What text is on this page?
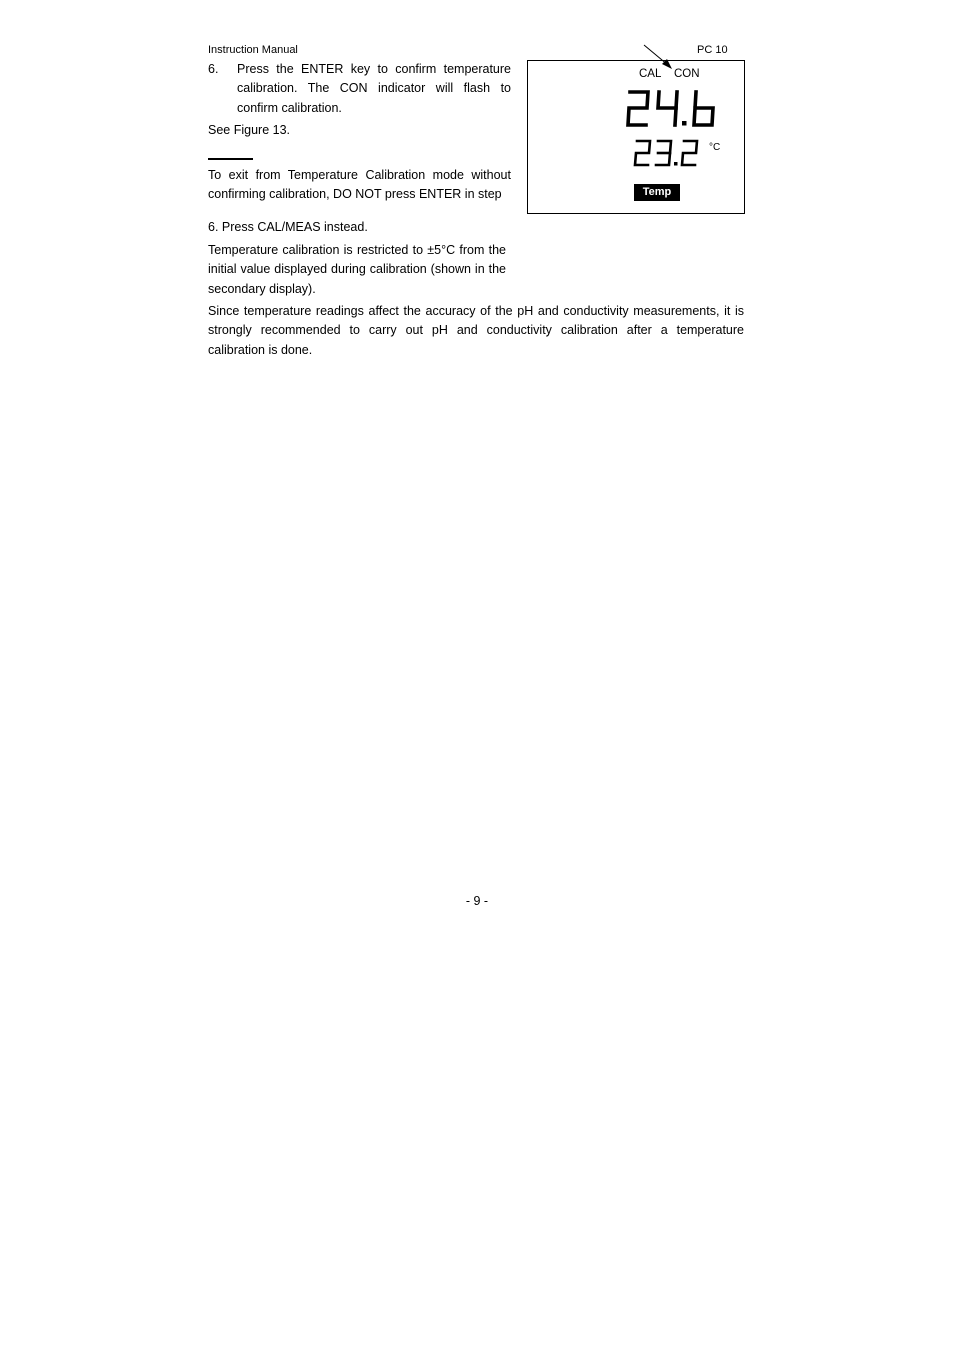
Instruction Manual	PC 10
6. Press the ENTER key to confirm temperature calibration. The CON indicator will flash to confirm calibration.
See Figure 13.
To exit from Temperature Calibration mode without confirming calibration, DO NOT press ENTER in step
6. Press CAL/MEAS instead.
Temperature calibration is restricted to ±5°C from the initial value displayed during calibration (shown in the secondary display).
Since temperature readings affect the accuracy of the pH and conductivity measurements, it is strongly recommended to carry out pH and conductivity calibration after a temperature calibration is done.
CAL CON
°C
Temp
- 9 -
